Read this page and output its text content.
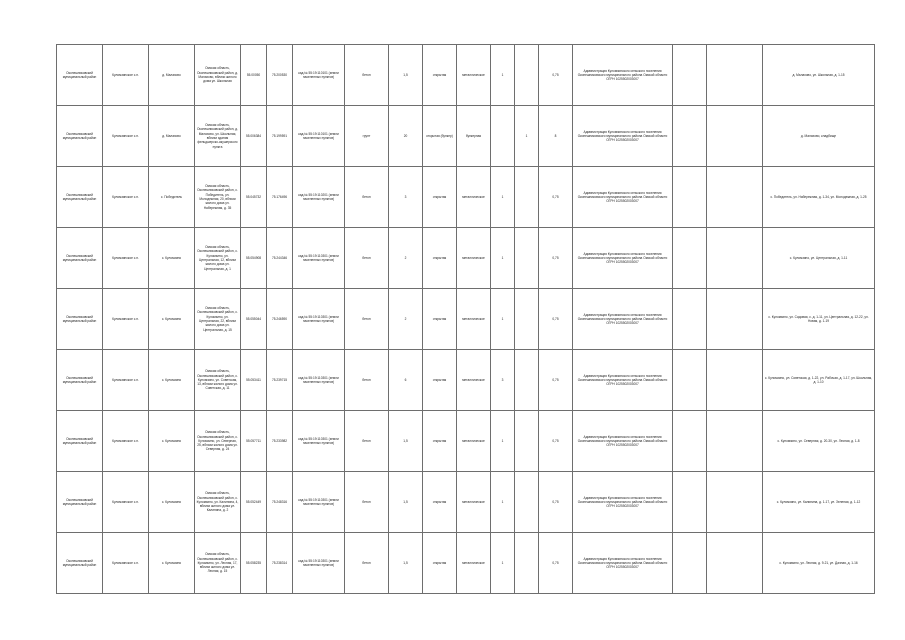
Оконешниковский муниципальный район	Куломзинское с.п.	д. Малахово	Омская область, Оконешниковский район, д. Малахово, вблизи жилого дома ул. Школьная	55.00050	75.200530	кад.№ 55:19:110101 (земли населенных пунктов)	бетон	1,5	открытая	металлическое	1		0,75	Администрация Куломзинского сельского поселения Оконешниковского муниципального района Омской области ОГРН 1025502003007			д. Малахово, ул. Школьная, д. 1-15
Оконешниковский муниципальный район	Куломзинское с.п.	д. Малахово	Омская область, Оконешниковский район, д. Малахово, ул. Школьная, вблизи здания фельдшерско-акушерского пункта	55.006384	75.199591	кад.№ 55:19:110101 (земли населенных пунктов)	грунт	20	открытая (бункер)	бункерная		1	8	Администрация Куломзинского сельского поселения Оконешниковского муниципального района Омской области ОГРН 1025502003007			д. Малахово, кладбище
Оконешниковский муниципальный район	Куломзинское с.п.	с. Победитель	Омская область, Оконешниковский район, с. Победитель, ул. Молодежная, 20, вблизи жилого дома ул. Набережная, д. 35	55.045732	75.176496	кад.№ 55:19:110201 (земли населенных пунктов)	бетон	3	открытая	металлическое	1		0,75	Администрация Куломзинского сельского поселения Оконешниковского муниципального района Омской области ОГРН 1025502003007			с. Победитель, ул. Набережная, д. 1-34, ул. Молодежная, д. 1-25
Оконешниковский муниципальный район	Куломзинское с.п.	с. Куломзино	Омская область, Оконешниковский район, с. Куломзино, ул. Центральная, 12, вблизи жилого дома ул. Центральная, д. 1	55.054908	75.244346	кад.№ 55:19:110301 (земли населенных пунктов)	бетон	2	открытая	металлическое	1		0,75	Администрация Куломзинского сельского поселения Оконешниковского муниципального района Омской области ОГРН 1025502003007			с. Куломзино, ул. Центральная, д. 1-11
Оконешниковский муниципальный район	Куломзинское с.п.	с. Куломзино	Омская область, Оконешниковский район, с. Куломзино, ул. Центральная, 22, вблизи жилого дома ул. Центральная, д. 15	55.055044	75.246590	кад.№ 55:19:110301 (земли населенных пунктов)	бетон	2	открытая	металлическое	1		0,75	Администрация Куломзинского сельского поселения Оконешниковского муниципального района Омской области ОГРН 1025502003007			с. Куломзино, ул. Садовая, с. д. 1-11, ул. Центральная, д. 12-22, ул. Новая, д. 1-19
Оконешниковский муниципальный район	Куломзинское с.п.	с. Куломзино	Омская область, Оконешниковский район, с. Куломзино, ул. Советская, 13, вблизи жилого дома ул. Советская, д. 11	55.053411	75.239715	кад.№ 55:19:110301 (земли населенных пунктов)	бетон	6	открытая	металлическое	3		0,75	Администрация Куломзинского сельского поселения Оконешниковского муниципального района Омской области ОГРН 1025502003007			с. Куломзино, ул. Советская, д. 1-22, ул. Рабочая, д. 1-17, ул. Школьная, д. 1-10
Оконешниковский муниципальный район	Куломзинское с.п.	с. Куломзино	Омская область, Оконешниковский район, с. Куломзино, ул. Северная, 25, вблизи жилого дома ул. Северная, д. 24	55.057711	75.233982	кад.№ 55:19:110301 (земли населенных пунктов)	бетон	1,5	открытая	металлическое	1		0,75	Администрация Куломзинского сельского поселения Оконешниковского муниципального района Омской области ОГРН 1025502003007			с. Куломзино, ул. Северная, д. 20-30, ул. Лесная, д. 1-8
Оконешниковский муниципальный район	Куломзинское с.п.	с. Куломзино	Омская область, Оконешниковский район, с. Куломзино, ул. Калинина, 4, вблизи жилого дома ул. Калинина, д. 2	55.052449	75.248316	кад.№ 55:19:110301 (земли населенных пунктов)	бетон	1,5	открытая	металлическое	1		0,75	Администрация Куломзинского сельского поселения Оконешниковского муниципального района Омской области ОГРН 1025502003007			с. Куломзино, ул. Калинина, д. 1-17, ул. Зеленая, д. 1-12
Оконешниковский муниципальный район	Куломзинское с.п.	с. Куломзино	Омская область, Оконешниковский район, с. Куломзино, ул. Лесная, 17, вблизи жилого дома ул. Лесная, д. 15	55.058235	75.238314	кад.№ 55:19:110301 (земли населенных пунктов)	бетон	1,5	открытая	металлическое	1		0,75	Администрация Куломзинского сельского поселения Оконешниковского муниципального района Омской области ОГРН 1025502003007			с. Куломзино, ул. Лесная, д. 9-21, ул. Дачная, д. 1-16
